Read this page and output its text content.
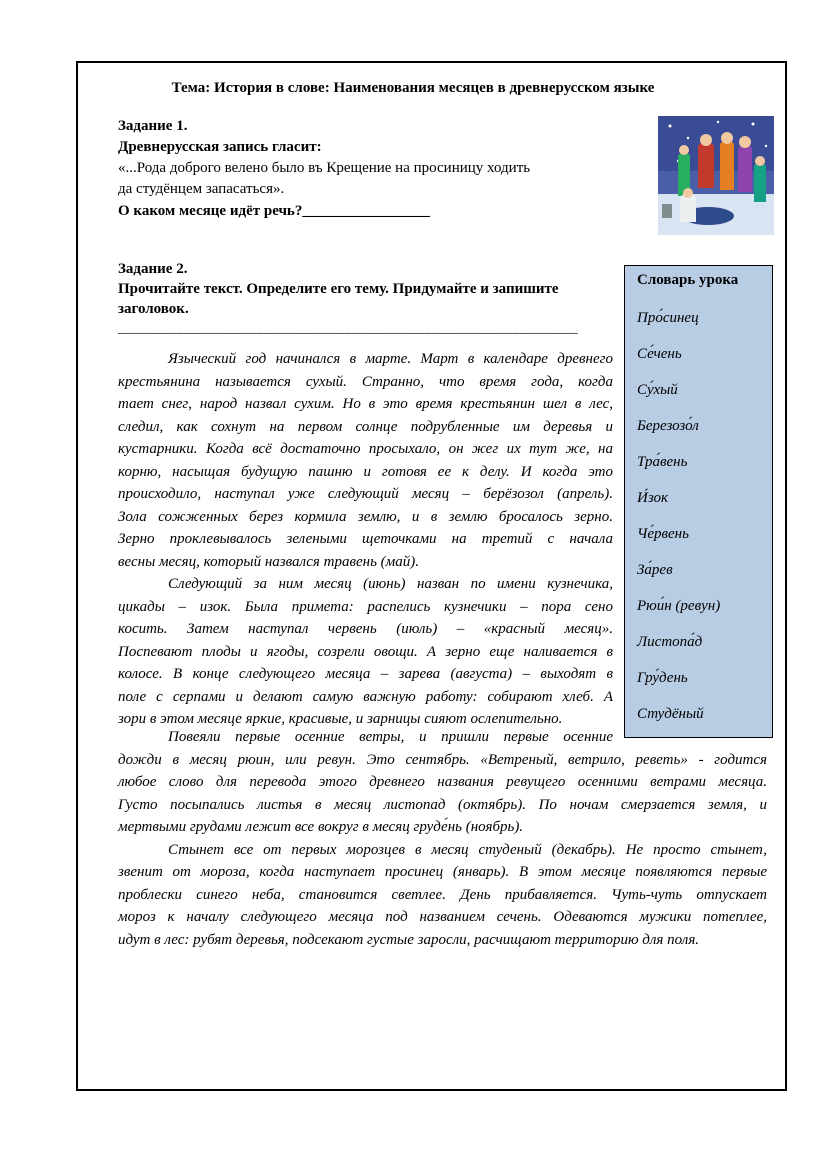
Тема: История в слове: Наименования месяцев в древнерусском языке
Задание 1.
Древнерусская запись гласит:
«...Рода доброго велено было въ Крещение на просиницу ходить
да студёнцем запасаться».
О каком месяце идёт речь?_________________
Задание 2.
Прочитайте текст. Определите его тему. Придумайте и запишите
заголовок.
_______________________________________________________________
Словарь урока
Про́синец
Се́чень
Су́хый
Березозо́л
Тра́вень
И́зок
Че́рвень
За́рев
Рюи́н (ревун)
Листопа́д
Гру́день
Студёный
Языческий год начинался в марте. Март в календаре древнего
крестьянина называется сухый. Странно, что время года, когда
тает снег, народ назвал сухим. Но в это время крестьянин шел в лес,
следил, как сохнут на первом солнце подрубленные им деревья и
кустарники. Когда всё достаточно просыхало, он жег их тут же, на
корню, насыщая будущую пашню и готовя ее к делу. И когда это
происходило, наступал уже следующий месяц – берёзозол (апрель).
Зола сожженных берез кормила землю, и в землю бросалось зерно.
Зерно проклевывалось зелеными щеточками на третий с начала
весны месяц, который назвался травень (май).
Следующий за ним месяц (июнь) назван по имени кузнечика,
цикады – изок. Была примета: распелись кузнечики – пора сено
косить. Затем наступал червень (июль) – «красный месяц».
Поспевают плоды и ягоды, созрели овощи. А зерно еще наливается в
колосе. В конце следующего месяца – зарева (августа) – выходят в
поле с серпами и делают самую важную работу: собирают хлеб. А
зори в этом месяце яркие, красивые, и зарницы сияют ослепительно.
Повеяли первые осенние ветры, и пришли первые осенние
дожди в месяц рюин, или ревун. Это сентябрь. «Ветреный, ветрило, реветь» - годится
любое слово для перевода этого древнего названия ревущего осенними ветрами месяца.
Густо посыпались листья в месяц листопад (октябрь). По ночам смерзается земля, и
мертвыми грудами лежит все вокруг в месяц груде́нь (ноябрь).
Стынет все от первых морозцев в месяц студеный (декабрь). Не просто стынет,
звенит от мороза, когда наступает просинец (январь). В этом месяце появляются первые
проблески синего неба, становится светлее. День прибавляется. Чуть-чуть отпускает
мороз к началу следующего месяца под названием сечень. Одеваются мужики потеплее,
идут в лес: рубят деревья, подсекают густые заросли, расчищают территорию для поля.
